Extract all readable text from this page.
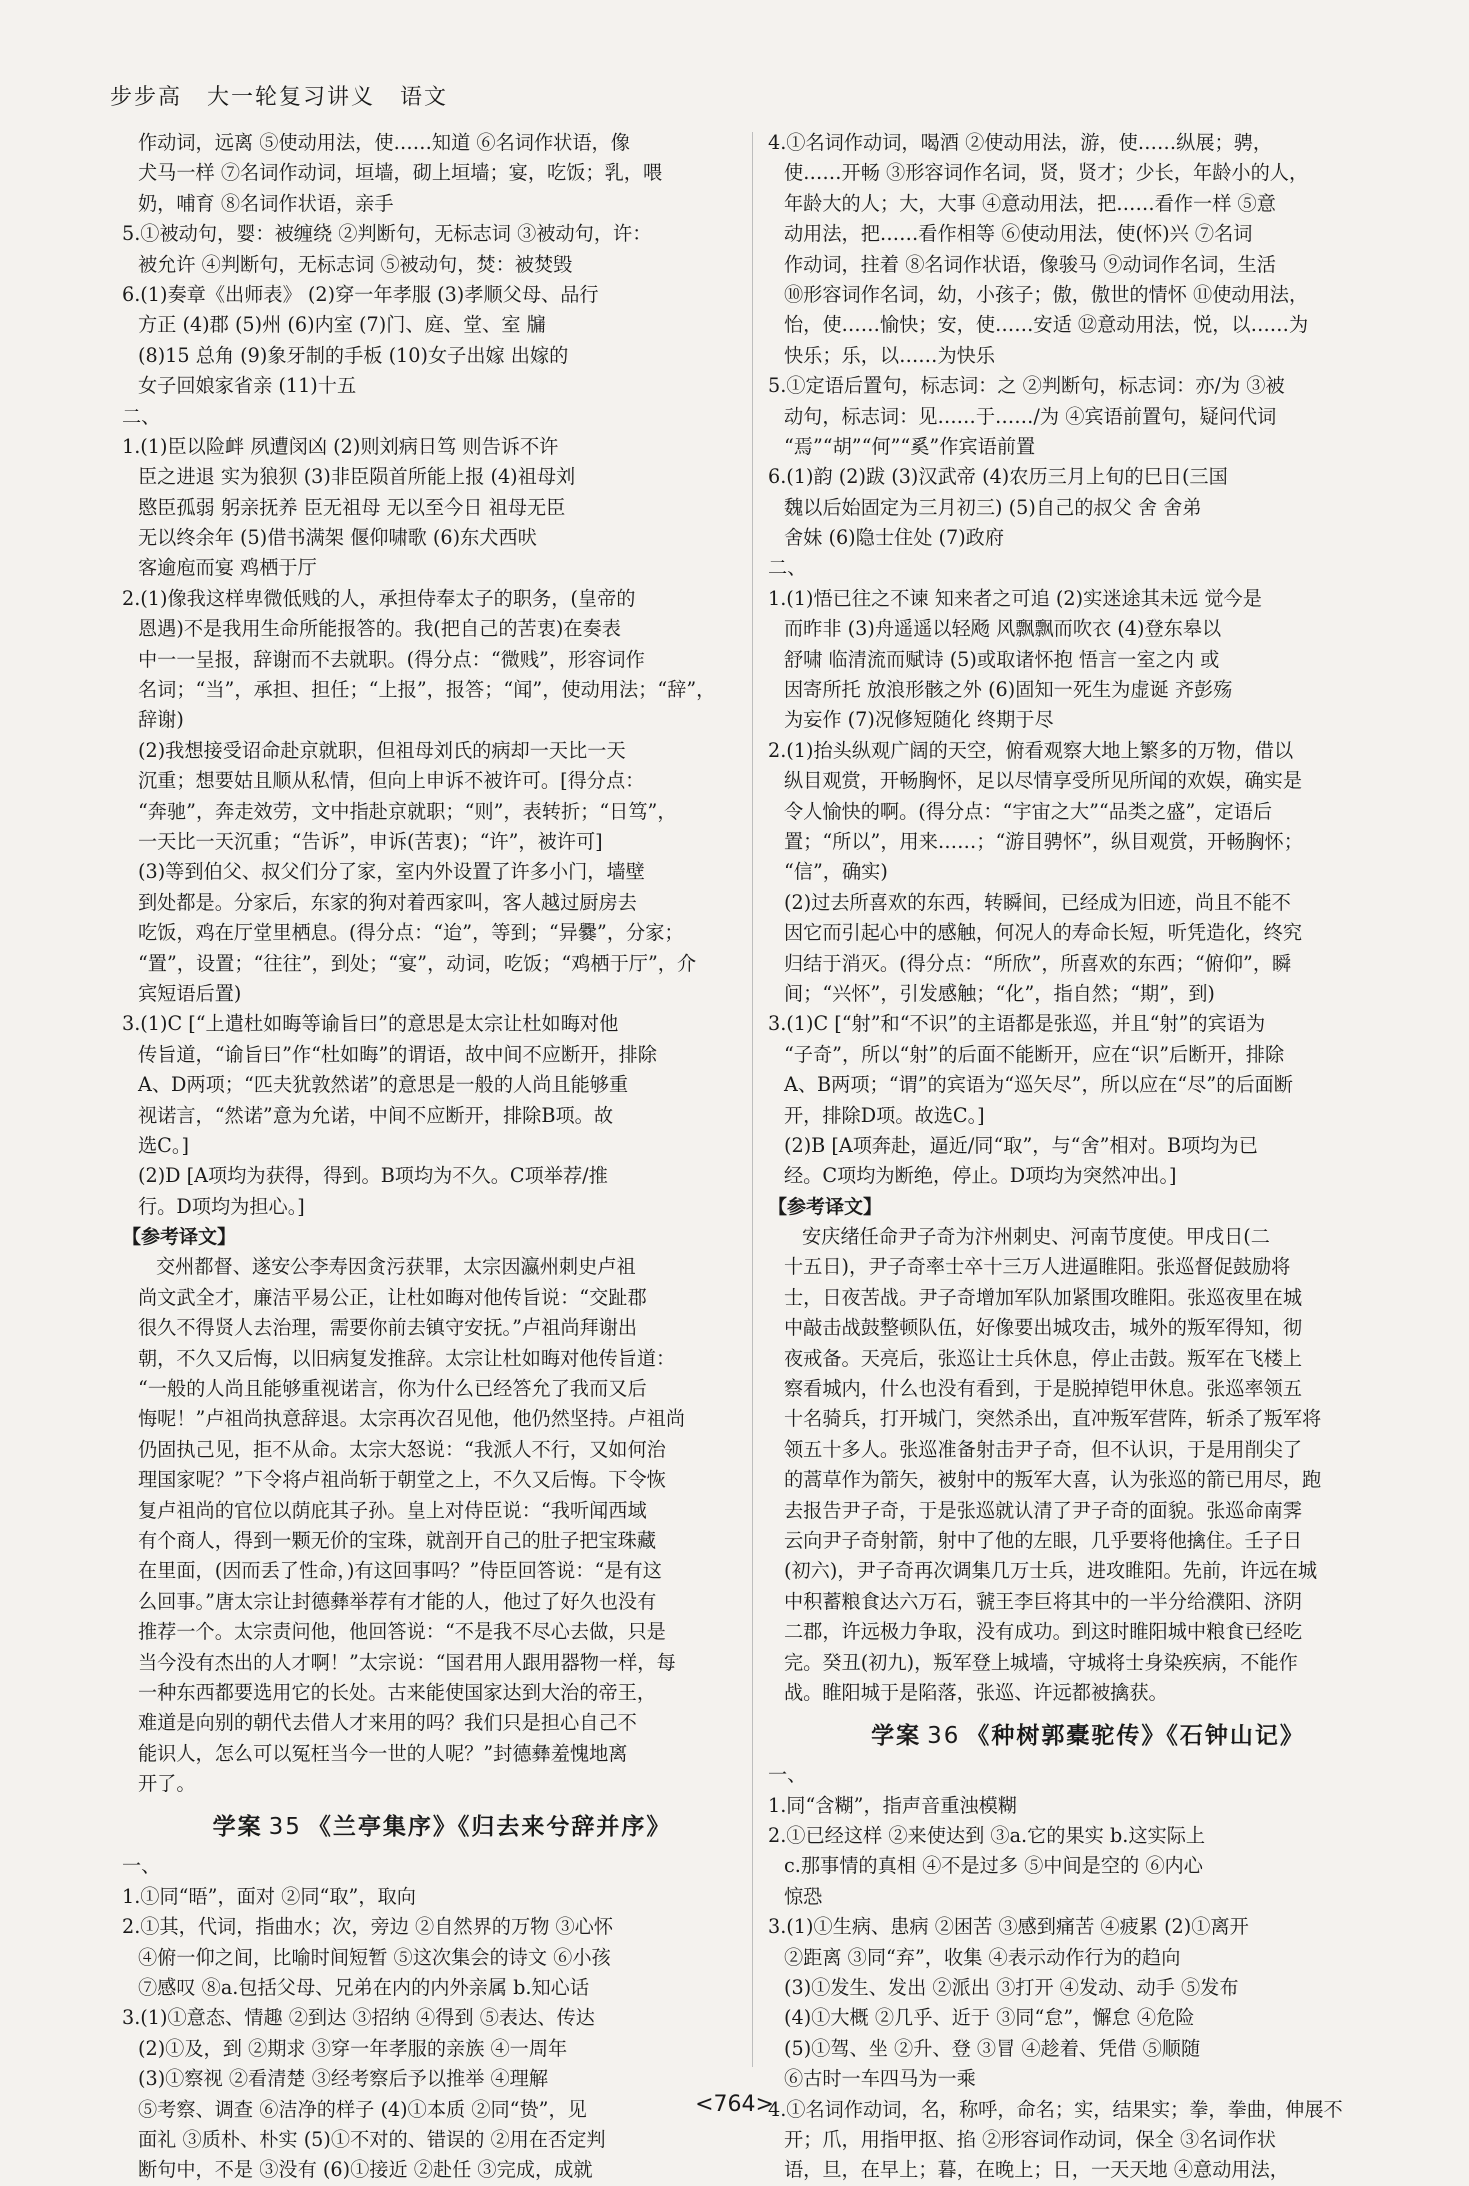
步步高 大一轮复习讲义 语文
作动词，远离 ⑤使动用法，使……知道 ⑥名词作状语，像
犬马一样 ⑦名词作动词，垣墙，砌上垣墙；宴，吃饭；乳，喂
奶，哺育 ⑧名词作状语，亲手
5.①被动句，婴：被缠绕 ②判断句，无标志词 ③被动句，许：
被允许 ④判断句，无标志词 ⑤被动句，焚：被焚毁
6.(1)奏章《出师表》 (2)穿一年孝服 (3)孝顺父母、品行
方正 (4)郡 (5)州 (6)内室 (7)门、庭、堂、室 牖
(8)15 总角 (9)象牙制的手板 (10)女子出嫁 出嫁的
女子回娘家省亲 (11)十五
二、
1.(1)臣以险衅 夙遭闵凶 (2)则刘病日笃 则告诉不许
臣之进退 实为狼狈 (3)非臣陨首所能上报 (4)祖母刘
愍臣孤弱 躬亲抚养 臣无祖母 无以至今日 祖母无臣
无以终余年 (5)借书满架 偃仰啸歌 (6)东犬西吠
客逾庖而宴 鸡栖于厅
2.(1)像我这样卑微低贱的人，承担侍奉太子的职务，(皇帝的
恩遇)不是我用生命所能报答的。我(把自己的苦衷)在奏表
中一一呈报，辞谢而不去就职。(得分点：“微贱”，形容词作
名词；“当”，承担、担任；“上报”，报答；“闻”，使动用法；“辞”，
辞谢)
(2)我想接受诏命赴京就职，但祖母刘氏的病却一天比一天
沉重；想要姑且顺从私情，但向上申诉不被许可。[得分点：
“奔驰”，奔走效劳，文中指赴京就职；“则”，表转折；“日笃”，
一天比一天沉重；“告诉”，申诉(苦衷)；“许”，被许可]
(3)等到伯父、叔父们分了家，室内外设置了许多小门，墙壁
到处都是。分家后，东家的狗对着西家叫，客人越过厨房去
吃饭，鸡在厅堂里栖息。(得分点：“迨”，等到；“异爨”，分家；
“置”，设置；“往往”，到处；“宴”，动词，吃饭；“鸡栖于厅”，介
宾短语后置)
3.(1)C [“上遣杜如晦等谕旨曰”的意思是太宗让杜如晦对他
传旨道，“谕旨曰”作“杜如晦”的谓语，故中间不应断开，排除
A、D两项；“匹夫犹敦然诺”的意思是一般的人尚且能够重
视诺言，“然诺”意为允诺，中间不应断开，排除B项。故
选C。]
(2)D [A项均为获得，得到。B项均为不久。C项举荐/推
行。D项均为担心。]
【参考译文】
交州都督、遂安公李寿因贪污获罪，太宗因瀛州刺史卢祖
尚文武全才，廉洁平易公正，让杜如晦对他传旨说：“交趾郡
很久不得贤人去治理，需要你前去镇守安抚。”卢祖尚拜谢出
朝，不久又后悔，以旧病复发推辞。太宗让杜如晦对他传旨道：
“一般的人尚且能够重视诺言，你为什么已经答允了我而又后
悔呢！”卢祖尚执意辞退。太宗再次召见他，他仍然坚持。卢祖尚
仍固执己见，拒不从命。太宗大怒说：“我派人不行，又如何治
理国家呢？”下令将卢祖尚斩于朝堂之上，不久又后悔。下令恢
复卢祖尚的官位以荫庇其子孙。皇上对侍臣说：“我听闻西域
有个商人，得到一颗无价的宝珠，就剖开自己的肚子把宝珠藏
在里面，(因而丢了性命，)有这回事吗？”侍臣回答说：“是有这
么回事。”唐太宗让封德彝举荐有才能的人，他过了好久也没有
推荐一个。太宗责问他，他回答说：“不是我不尽心去做，只是
当今没有杰出的人才啊！”太宗说：“国君用人跟用器物一样，每
一种东西都要选用它的长处。古来能使国家达到大治的帝王，
难道是向别的朝代去借人才来用的吗？我们只是担心自己不
能识人，怎么可以冤枉当今一世的人呢？”封德彝羞愧地离
开了。
学案 35 《兰亭集序》《归去来兮辞并序》
一、
1.①同“晤”，面对 ②同“取”，取向
2.①其，代词，指曲水；次，旁边 ②自然界的万物 ③心怀
④俯一仰之间，比喻时间短暂 ⑤这次集会的诗文 ⑥小孩
⑦感叹 ⑧a.包括父母、兄弟在内的内外亲属 b.知心话
3.(1)①意态、情趣 ②到达 ③招纳 ④得到 ⑤表达、传达
(2)①及，到 ②期求 ③穿一年孝服的亲族 ④一周年
(3)①察视 ②看清楚 ③经考察后予以推举 ④理解
⑤考察、调查 ⑥洁净的样子 (4)①本质 ②同“贽”，见
面礼 ③质朴、朴实 (5)①不对的、错误的 ②用在否定判
断句中，不是 ③没有 (6)①接近 ②赴任 ③完成，成就
4.①名词作动词，喝酒 ②使动用法，游，使……纵展；骋，
使……开畅 ③形容词作名词，贤，贤才；少长，年龄小的人，
年龄大的人；大，大事 ④意动用法，把……看作一样 ⑤意
动用法，把……看作相等 ⑥使动用法，使(怀)兴 ⑦名词
作动词，拄着 ⑧名词作状语，像骏马 ⑨动词作名词，生活
⑩形容词作名词，幼，小孩子；傲，傲世的情怀 ⑪使动用法，
怡，使……愉快；安，使……安适 ⑫意动用法，悦，以……为
快乐；乐，以……为快乐
5.①定语后置句，标志词：之 ②判断句，标志词：亦/为 ③被
动句，标志词：见……于……/为 ④宾语前置句，疑问代词
“焉”“胡”“何”“奚”作宾语前置
6.(1)韵 (2)跋 (3)汉武帝 (4)农历三月上旬的巳日(三国
魏以后始固定为三月初三) (5)自己的叔父 舍 舍弟
舍妹 (6)隐士住处 (7)政府
二、
1.(1)悟已往之不谏 知来者之可追 (2)实迷途其未远 觉今是
而昨非 (3)舟遥遥以轻飏 风飘飘而吹衣 (4)登东皋以
舒啸 临清流而赋诗 (5)或取诸怀抱 悟言一室之内 或
因寄所托 放浪形骸之外 (6)固知一死生为虚诞 齐彭殇
为妄作 (7)况修短随化 终期于尽
2.(1)抬头纵观广阔的天空，俯看观察大地上繁多的万物，借以
纵目观赏，开畅胸怀，足以尽情享受所见所闻的欢娱，确实是
令人愉快的啊。(得分点：“宇宙之大”“品类之盛”，定语后
置；“所以”，用来……；“游目骋怀”，纵目观赏，开畅胸怀；
“信”，确实)
(2)过去所喜欢的东西，转瞬间，已经成为旧迹，尚且不能不
因它而引起心中的感触，何况人的寿命长短，听凭造化，终究
归结于消灭。(得分点：“所欣”，所喜欢的东西；“俯仰”，瞬
间；“兴怀”，引发感触；“化”，指自然；“期”，到)
3.(1)C [“射”和“不识”的主语都是张巡，并且“射”的宾语为
“子奇”，所以“射”的后面不能断开，应在“识”后断开，排除
A、B两项；“谓”的宾语为“巡矢尽”，所以应在“尽”的后面断
开，排除D项。故选C。]
(2)B [A项奔赴，逼近/同“取”，与“舍”相对。B项均为已
经。C项均为断绝，停止。D项均为突然冲出。]
【参考译文】
安庆绪任命尹子奇为汴州刺史、河南节度使。甲戌日(二
十五日)，尹子奇率士卒十三万人进逼睢阳。张巡督促鼓励将
士，日夜苦战。尹子奇增加军队加紧围攻睢阳。张巡夜里在城
中敲击战鼓整顿队伍，好像要出城攻击，城外的叛军得知，彻
夜戒备。天亮后，张巡让士兵休息，停止击鼓。叛军在飞楼上
察看城内，什么也没有看到，于是脱掉铠甲休息。张巡率领五
十名骑兵，打开城门，突然杀出，直冲叛军营阵，斩杀了叛军将
领五十多人。张巡准备射击尹子奇，但不认识，于是用削尖了
的蒿草作为箭矢，被射中的叛军大喜，认为张巡的箭已用尽，跑
去报告尹子奇，于是张巡就认清了尹子奇的面貌。张巡命南霁
云向尹子奇射箭，射中了他的左眼，几乎要将他擒住。壬子日
(初六)，尹子奇再次调集几万士兵，进攻睢阳。先前，许远在城
中积蓄粮食达六万石，虢王李巨将其中的一半分给濮阳、济阴
二郡，许远极力争取，没有成功。到这时睢阳城中粮食已经吃
完。癸丑(初九)，叛军登上城墙，守城将士身染疾病，不能作
战。睢阳城于是陷落，张巡、许远都被擒获。
学案 36 《种树郭橐驼传》《石钟山记》
一、
1.同“含糊”，指声音重浊模糊
2.①已经这样 ②来使达到 ③a.它的果实 b.这实际上
c.那事情的真相 ④不是过多 ⑤中间是空的 ⑥内心
惊恐
3.(1)①生病、患病 ②困苦 ③感到痛苦 ④疲累 (2)①离开
②距离 ③同“弃”，收集 ④表示动作行为的趋向
(3)①发生、发出 ②派出 ③打开 ④发动、动手 ⑤发布
(4)①大概 ②几乎、近于 ③同“怠”，懈怠 ④危险
(5)①驾、坐 ②升、登 ③冒 ④趁着、凭借 ⑤顺随
⑥古时一车四马为一乘
4.①名词作动词，名，称呼，命名；实，结果实；拳，拳曲，伸展不
开；爪，用指甲抠、掐 ②形容词作动词，保全 ③名词作状
语，旦，在早上；暮，在晚上；日，一天天地 ④意动用法，
<764>
